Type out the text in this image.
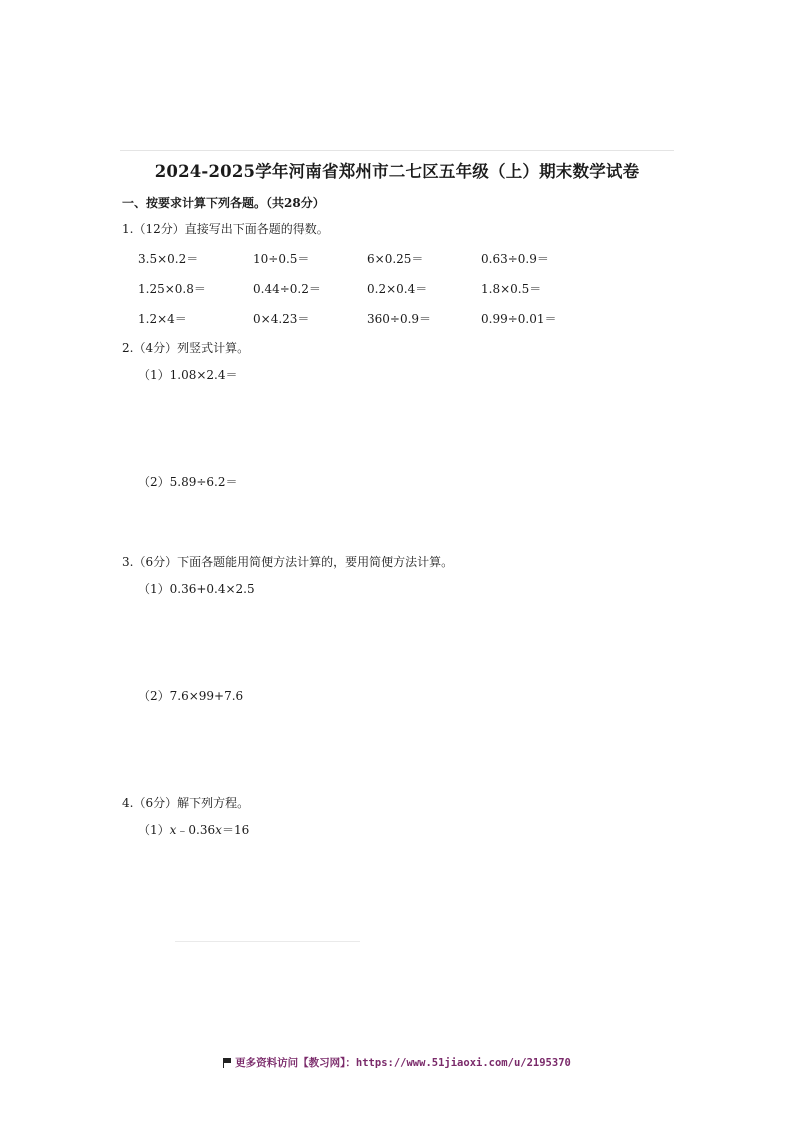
2024-2025学年河南省郑州市二七区五年级（上）期末数学试卷
一、按要求计算下列各题。（共28分）
1.（12分）直接写出下面各题的得数。
3.5×0.2＝	10÷0.5＝	6×0.25＝	0.63÷0.9＝
1.25×0.8＝	0.44÷0.2＝	0.2×0.4＝	1.8×0.5＝
1.2×4＝	0×4.23＝	360÷0.9＝	0.99÷0.01＝
2.（4分）列竖式计算。
（1）1.08×2.4＝
（2）5.89÷6.2＝
3.（6分）下面各题能用简便方法计算的，要用简便方法计算。
（1）0.36+0.4×2.5
（2）7.6×99+7.6
4.（6分）解下列方程。
（1）x﹣0.36x＝16
更多资料访问【教习网】：https://www.51jiaoxi.com/u/2195370
